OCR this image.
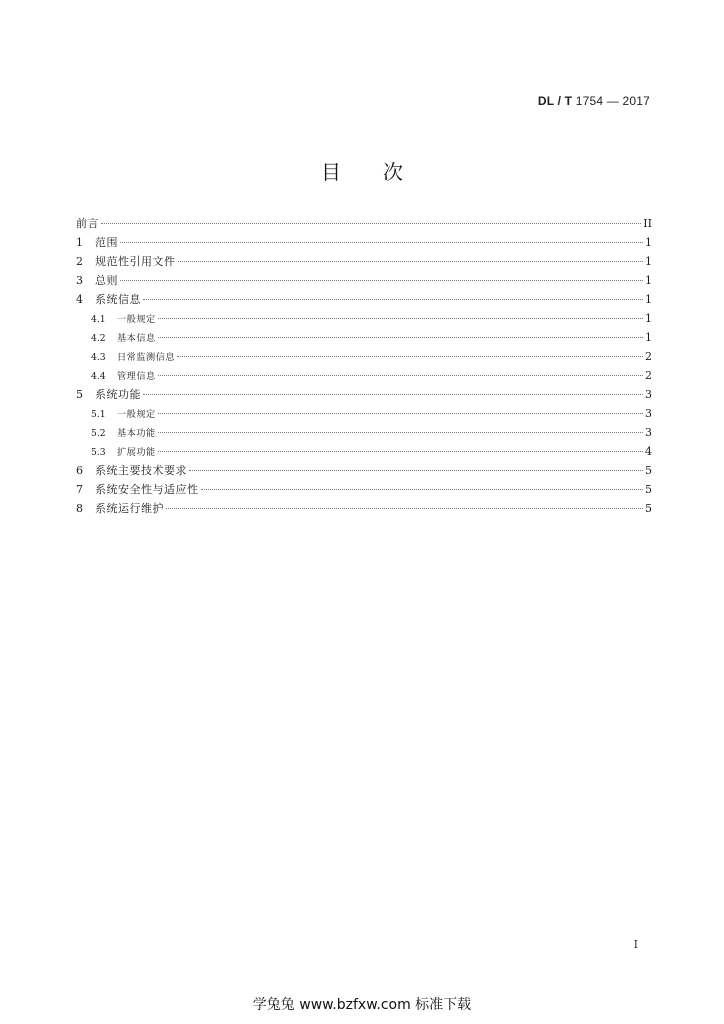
DL / T 1754 — 2017
目次
前言	II
1	范围	1
2	规范性引用文件	1
3	总则	1
4	系统信息	1
4.1	一般规定	1
4.2	基本信息	1
4.3	日常监测信息	2
4.4	管理信息	2
5	系统功能	3
5.1	一般规定	3
5.2	基本功能	3
5.3	扩展功能	4
6	系统主要技术要求	5
7	系统安全性与适应性	5
8	系统运行维护	5
I
学兔兔 www.bzfxw.com 标准下载
